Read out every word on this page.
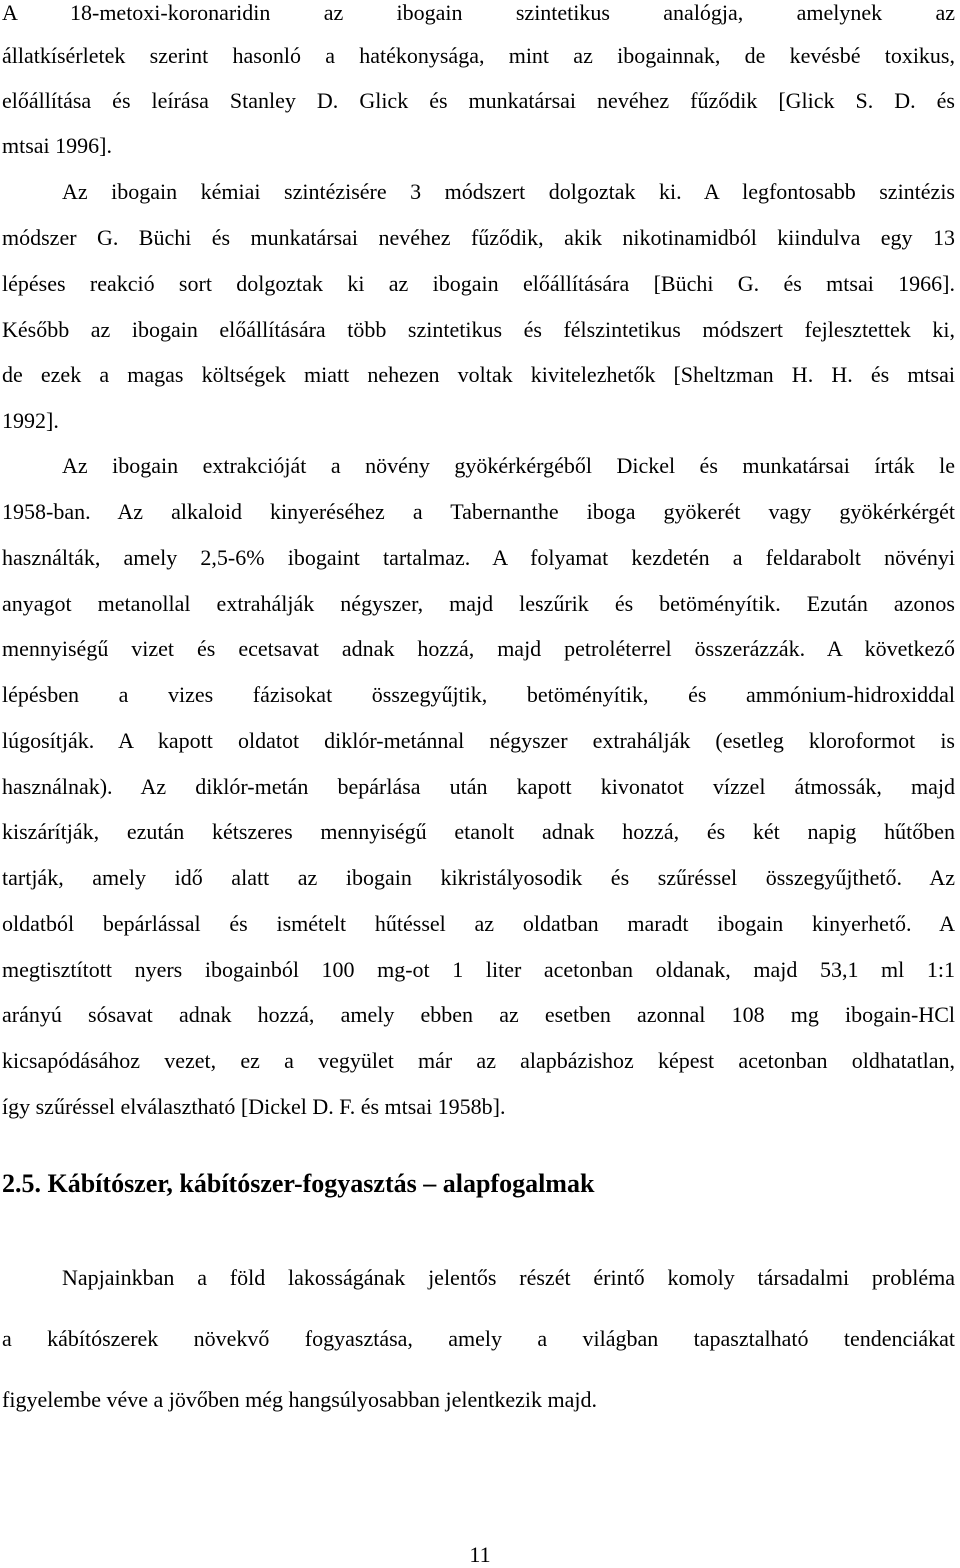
A 18-metoxi-koronaridin az ibogain szintetikus analógja, amelynek az
állatkísérletek szerint hasonló a hatékonysága, mint az ibogainnak, de kevésbé toxikus,
előállítása és leírása Stanley D. Glick és munkatársai nevéhez fűződik [Glick S. D. és
mtsai 1996].
Az ibogain kémiai szintézisére 3 módszert dolgoztak ki. A legfontosabb szintézis
módszer G. Büchi és munkatársai nevéhez fűződik, akik nikotinamidból kiindulva egy 13
lépéses reakció sort dolgoztak ki az ibogain előállítására [Büchi G. és mtsai 1966].
Később az ibogain előállítására több szintetikus és félszintetikus módszert fejlesztettek ki,
de ezek a magas költségek miatt nehezen voltak kivitelezhetők [Sheltzman H. H. és mtsai
1992].
Az ibogain extrakcióját a növény gyökérkérgéből Dickel és munkatársai írták le
1958-ban. Az alkaloid kinyeréséhez a Tabernanthe iboga gyökerét vagy gyökérkérgét
használták, amely 2,5-6% ibogaint tartalmaz. A folyamat kezdetén a feldarabolt növényi
anyagot metanollal extrahálják négyszer, majd leszűrik és betöményítik. Ezután azonos
mennyiségű vizet és ecetsavat adnak hozzá, majd petroléterrel összerázzák. A következő
lépésben a vizes fázisokat összegyűjtik, betöményítik, és ammónium-hidroxiddal
lúgosítják. A kapott oldatot diklór-metánnal négyszer extrahálják (esetleg kloroformot is
használnak). Az diklór-metán bepárlása után kapott kivonatot vízzel átmossák, majd
kiszárítják, ezután kétszeres mennyiségű etanolt adnak hozzá, és két napig hűtőben
tartják, amely idő alatt az ibogain kikristályosodik és szűréssel összegyűjthető. Az
oldatból bepárlással és ismételt hűtéssel az oldatban maradt ibogain kinyerhető. A
megtisztított nyers ibogainból 100 mg-ot 1 liter acetonban oldanak, majd 53,1 ml 1:1
arányú sósavat adnak hozzá, amely ebben az esetben azonnal 108 mg ibogain-HCl
kicsapódásához vezet, ez a vegyület már az alapbázishoz képest acetonban oldhatatlan,
így szűréssel elválasztható [Dickel D. F. és mtsai 1958b].
2.5. Kábítószer, kábítószer-fogyasztás – alapfogalmak
Napjainkban a föld lakosságának jelentős részét érintő komoly társadalmi probléma
a kábítószerek növekvő fogyasztása, amely a világban tapasztalható tendenciákat
figyelembe véve a jövőben még hangsúlyosabban jelentkezik majd.
11
